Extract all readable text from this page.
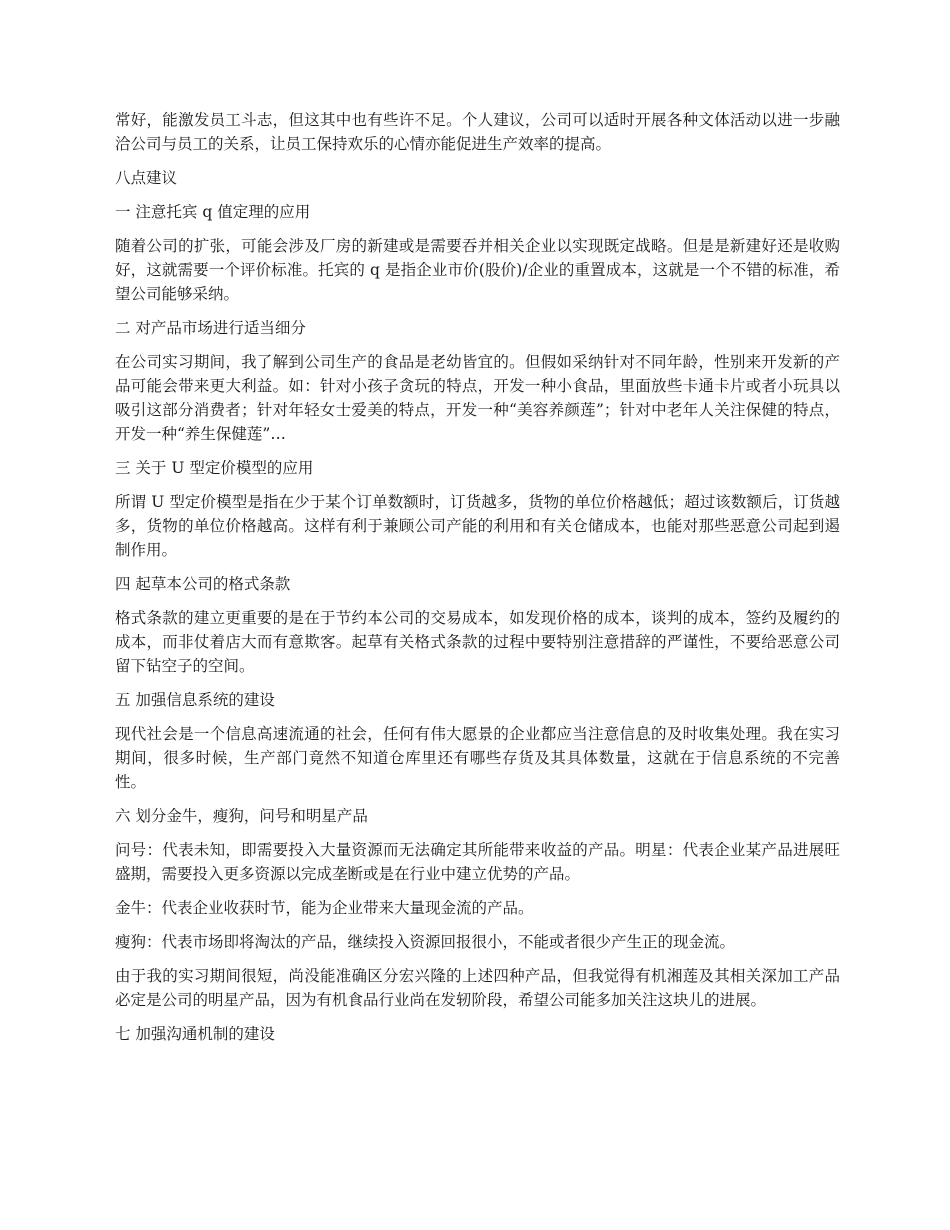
常好，能激发员工斗志，但这其中也有些许不足。个人建议，公司可以适时开展各种文体活动以进一步融洽公司与员工的关系，让员工保持欢乐的心情亦能促进生产效率的提高。

八点建议

一 注意托宾 q 值定理的应用

随着公司的扩张，可能会涉及厂房的新建或是需要吞并相关企业以实现既定战略。但是是新建好还是收购好，这就需要一个评价标准。托宾的 q 是指企业市价(股价)/企业的重置成本，这就是一个不错的标准，希望公司能够采纳。

二 对产品市场进行适当细分

在公司实习期间，我了解到公司生产的食品是老幼皆宜的。但假如采纳针对不同年龄，性别来开发新的产品可能会带来更大利益。如：针对小孩子贪玩的特点，开发一种小食品，里面放些卡通卡片或者小玩具以吸引这部分消费者；针对年轻女士爱美的特点，开发一种“美容养颜莲”；针对中老年人关注保健的特点，开发一种“养生保健莲”…

三 关于 U 型定价模型的应用

所谓 U 型定价模型是指在少于某个订单数额时，订货越多，货物的单位价格越低；超过该数额后，订货越多，货物的单位价格越高。这样有利于兼顾公司产能的利用和有关仓储成本，也能对那些恶意公司起到遏制作用。

四 起草本公司的格式条款

格式条款的建立更重要的是在于节约本公司的交易成本，如发现价格的成本，谈判的成本，签约及履约的成本，而非仗着店大而有意欺客。起草有关格式条款的过程中要特别注意措辞的严谨性，不要给恶意公司留下钻空子的空间。

五 加强信息系统的建设

现代社会是一个信息高速流通的社会，任何有伟大愿景的企业都应当注意信息的及时收集处理。我在实习期间，很多时候，生产部门竟然不知道仓库里还有哪些存货及其具体数量，这就在于信息系统的不完善性。

六 划分金牛，瘦狗，问号和明星产品

问号：代表未知，即需要投入大量资源而无法确定其所能带来收益的产品。明星：代表企业某产品进展旺盛期，需要投入更多资源以完成垄断或是在行业中建立优势的产品。

金牛：代表企业收获时节，能为企业带来大量现金流的产品。

瘦狗：代表市场即将淘汰的产品，继续投入资源回报很小，不能或者很少产生正的现金流。

由于我的实习期间很短，尚没能准确区分宏兴隆的上述四种产品，但我觉得有机湘莲及其相关深加工产品必定是公司的明星产品，因为有机食品行业尚在发轫阶段，希望公司能多加关注这块儿的进展。

七 加强沟通机制的建设
